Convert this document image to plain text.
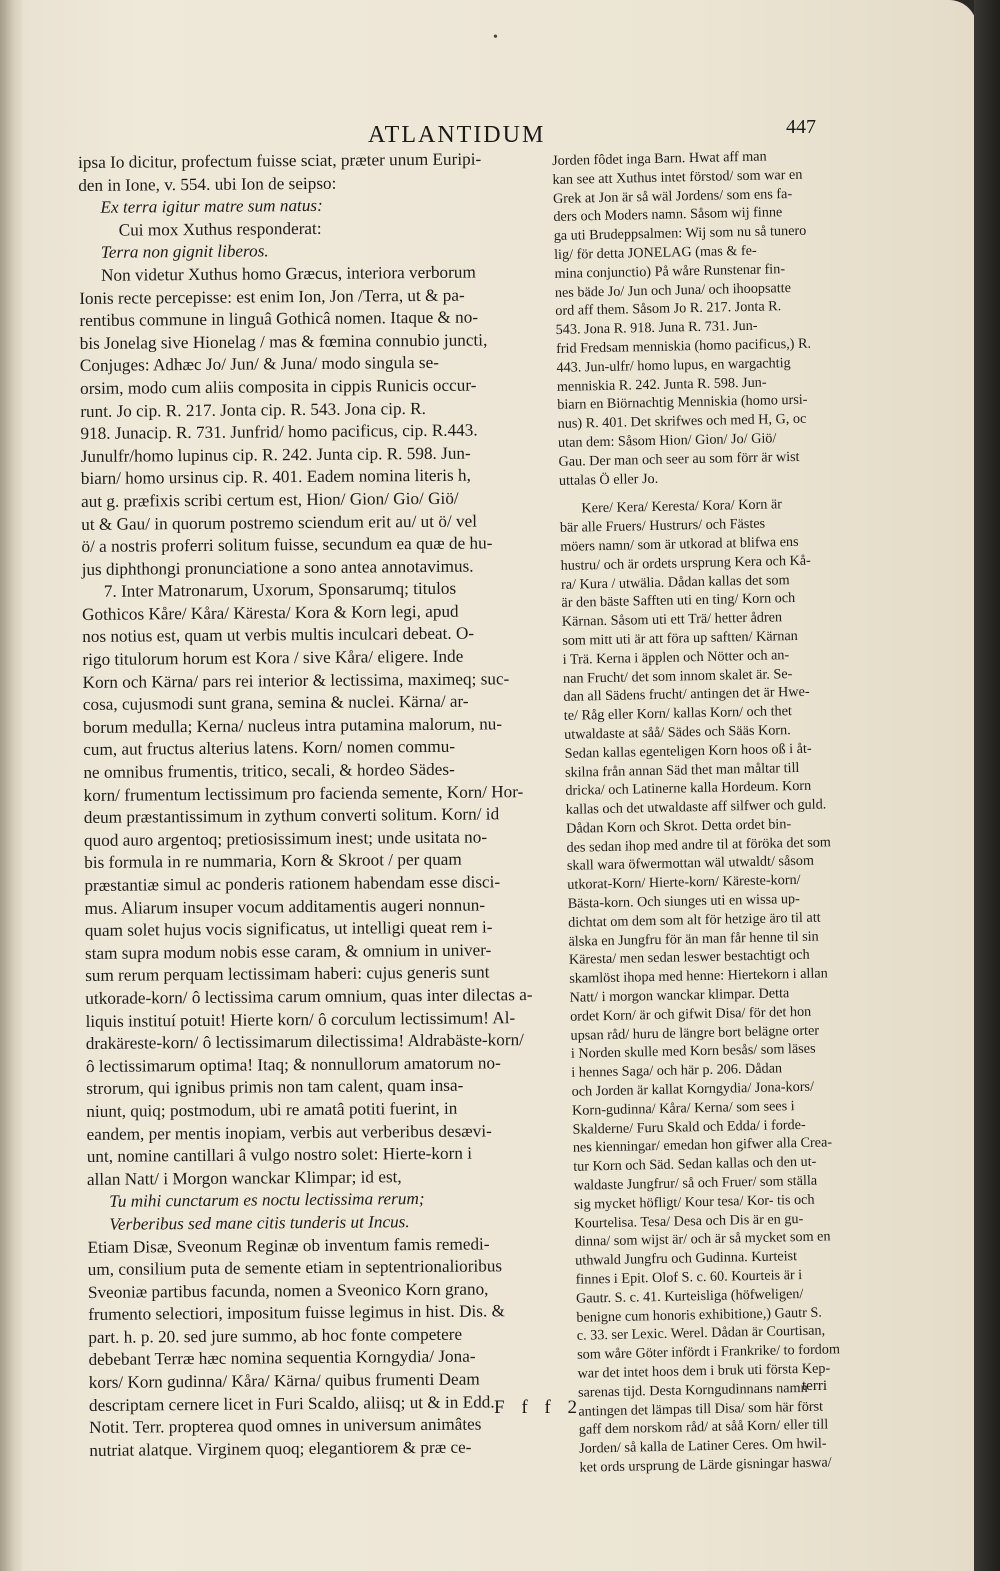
•
ATLANTIDUM	447
ipsa Io dicitur, profectum fuisse sciat, præter unum Euripi-
den in Ione, v. 554. ubi Ion de seipso:
Ex terra igitur matre sum natus:
Cui mox Xuthus responderat:
Terra non gignit liberos.
Non videtur Xuthus homo Græcus, interiora verborum
Ionis recte percepisse: est enim Ion, Jon /Terra, ut & pa-
rentibus commune in linguâ Gothicâ nomen. Itaque & no-
bis Jonelag sive Hionelag / mas & fœmina connubio juncti,
Conjuges: Adhæc Jo/ Jun/ & Juna/ modo singula se-
orsim, modo cum aliis composita in cippis Runicis occur-
runt. Jo cip. R. 217. Jonta cip. R. 543. Jona cip. R.
918. Junacip. R. 731. Junfrid/ homo pacificus, cip. R.443.
Junulfr/homo lupinus cip. R. 242. Junta cip. R. 598. Jun-
biarn/ homo ursinus cip. R. 401. Eadem nomina literis h,
aut g. præfixis scribi certum est, Hion/ Gion/ Gio/ Giö/
ut & Gau/ in quorum postremo sciendum erit au/ ut ö/ vel
ö/ a nostris proferri solitum fuisse, secundum ea quæ de hu-
jus diphthongi pronunciatione a sono antea annotavimus.
7. Inter Matronarum, Uxorum, Sponsarumq; titulos
Gothicos Kåre/ Kåra/ Käresta/ Kora & Korn legi, apud
nos notius est, quam ut verbis multis inculcari debeat. O-
rigo titulorum horum est Kora / sive Kåra/ eligere. Inde
Korn och Kärna/ pars rei interior & lectissima, maximeq; suc-
cosa, cujusmodi sunt grana, semina & nuclei. Kärna/ ar-
borum medulla; Kerna/ nucleus intra putamina malorum, nu-
cum, aut fructus alterius latens. Korn/ nomen commu-
ne omnibus frumentis, tritico, secali, & hordeo Sädes-
korn/ frumentum lectissimum pro facienda semente, Korn/ Hor-
deum præstantissimum in zythum converti solitum. Korn/ id
quod auro argentoq; pretiosissimum inest; unde usitata no-
bis formula in re nummaria, Korn & Skroot / per quam
præstantiæ simul ac ponderis rationem habendam esse disci-
mus. Aliarum insuper vocum additamentis augeri nonnun-
quam solet hujus vocis significatus, ut intelligi queat rem i-
stam supra modum nobis esse caram, & omnium in univer-
sum rerum perquam lectissimam haberi: cujus generis sunt
utkorade-korn/ ô lectissima carum omnium, quas inter dilectas a-
liquis instituí potuit! Hierte korn/ ô corculum lectissimum! Al-
drakäreste-korn/ ô lectissimarum dilectissima! Aldrabäste-korn/
ô lectissimarum optima! Itaq; & nonnullorum amatorum no-
strorum, qui ignibus primis non tam calent, quam insa-
niunt, quiq; postmodum, ubi re amatâ potiti fuerint, in
eandem, per mentis inopiam, verbis aut verberibus desævi-
unt, nomine cantillari â vulgo nostro solet: Hierte-korn i
allan Natt/ i Morgon wanckar Klimpar; id est,
Tu mihi cunctarum es noctu lectissima rerum;
Verberibus sed mane citis tunderis ut Incus.
Etiam Disæ, Sveonum Reginæ ob inventum famis remedi-
um, consilium puta de semente etiam in septentrionalioribus
Sveoniæ partibus facunda, nomen a Sveonico Korn grano,
frumento selectiori, impositum fuisse legimus in hist. Dis. &
part. h. p. 20. sed jure summo, ab hoc fonte competere
debebant Terræ hæc nomina sequentia Korngydia/ Jona-
kors/ Korn gudinna/ Kåra/ Kärna/ quibus frumenti Deam
descriptam cernere licet in Furi Scaldo, aliisq; ut & in Edd.
Notit. Terr. propterea quod omnes in universum animâtes
nutriat alatque. Virginem quoq; elegantiorem & præ ce-
Jorden fôdet inga Barn. Hwat aff man
kan see att Xuthus intet förstod/ som war en
Grek at Jon är så wäl Jordens/ som ens fa-
ders och Moders namn. Såsom wij finne
ga uti Brudeppsalmen: Wij som nu så tunero
lig/ för detta JONELAG (mas & fe-
mina conjunctio) På wåre Runstenar fin-
nes bäde Jo/ Jun och Juna/ och ihoopsatte
ord aff them. Såsom Jo R. 217. Jonta R.
543. Jona R. 918. Juna R. 731. Jun-
frid Fredsam menniskia (homo pacificus,) R.
443. Jun-ulfr/ homo lupus, en wargachtig
menniskia R. 242. Junta R. 598. Jun-
biarn en Biörnachtig Menniskia (homo ursi-
nus) R. 401. Det skrifwes och med H, G, oc
utan dem: Såsom Hion/ Gion/ Jo/ Giö/
Gau. Der man och seer au som förr är wist
uttalas Ö eller Jo.
Kere/ Kera/ Keresta/ Kora/ Korn är
bär alle Fruers/ Hustrurs/ och Fästes
möers namn/ som är utkorad at blifwa ens
hustru/ och är ordets ursprung Kera och Kå-
ra/ Kura / utwälia. Dådan kallas det som
är den bäste Safften uti en ting/ Korn och
Kärnan. Såsom uti ett Trä/ hetter ådren
som mitt uti är att föra up saftten/ Kärnan
i Trä. Kerna i äpplen och Nötter och an-
nan Frucht/ det som innom skalet är. Se-
dan all Sädens frucht/ antingen det är Hwe-
te/ Råg eller Korn/ kallas Korn/ och thet
utwaldaste at såå/ Sädes och Sääs Korn.
Sedan kallas egenteligen Korn hoos oß i åt-
skilna från annan Säd thet man måltar till
dricka/ och Latinerne kalla Hordeum. Korn
kallas och det utwaldaste aff silfwer och guld.
Dådan Korn och Skrot. Detta ordet bin-
des sedan ihop med andre til at förökа det som
skall wara öfwermottan wäl utwaldt/ såsom
utkorat-Korn/ Hierte-korn/ Käreste-korn/
Bästa-korn. Och siunges uti en wissa up-
dichtat om dem som alt för hetzige äro til att
älska en Jungfru för än man får henne til sin
Käresta/ men sedan leswer bestachtigt och
skamlöst ihopa med henne: Hiertekorn i allan
Natt/ i morgon wanckar klimpar. Detta
ordet Korn/ är och gifwit Disa/ för det hon
upsan råd/ huru de längre bort belägne orter
i Norden skulle med Korn besås/ som läses
i hennes Saga/ och här p. 206. Dådan
och Jorden är kallat Korngydia/ Jona-kors/
Korn-gudinna/ Kåra/ Kerna/ som sees i
Skalderne/ Furu Skald och Edda/ i forde-
nes kienningar/ emedan hon gifwer alla Crea-
tur Korn och Säd. Sedan kallas och den ut-
waldaste Jungfrur/ så och Fruer/ som ställa
sig mycket höfligt/ Kour tesa/ Kor- tis och
Kourtelisa. Tesa/ Desa och Dis är en gu-
dinna/ som wijst är/ och är så mycket som en
uthwald Jungfru och Gudinna. Kurteist
finnes i Epit. Olof S. c. 60. Kourteis är i
Gautr. S. c. 41. Kurteisliga (höfweligen/
benigne cum honoris exhibitione,) Gautr S.
c. 33. ser Lexic. Werel. Dådan är Courtisan,
som wåre Göter infördt i Frankrike/ to fordom
war det intet hoos dem i bruk uti förstа Kep-
sarenas tijd. Desta Korngudinnans namn
antingen det lämpas till Disa/ som här först
gaff dem norskom råd/ at såå Korn/ eller till
Jorden/ så kalla de Latiner Ceres. Om hwil-
ket ords ursprung de Lärde gisningar haswa/
terri
F f f 2
